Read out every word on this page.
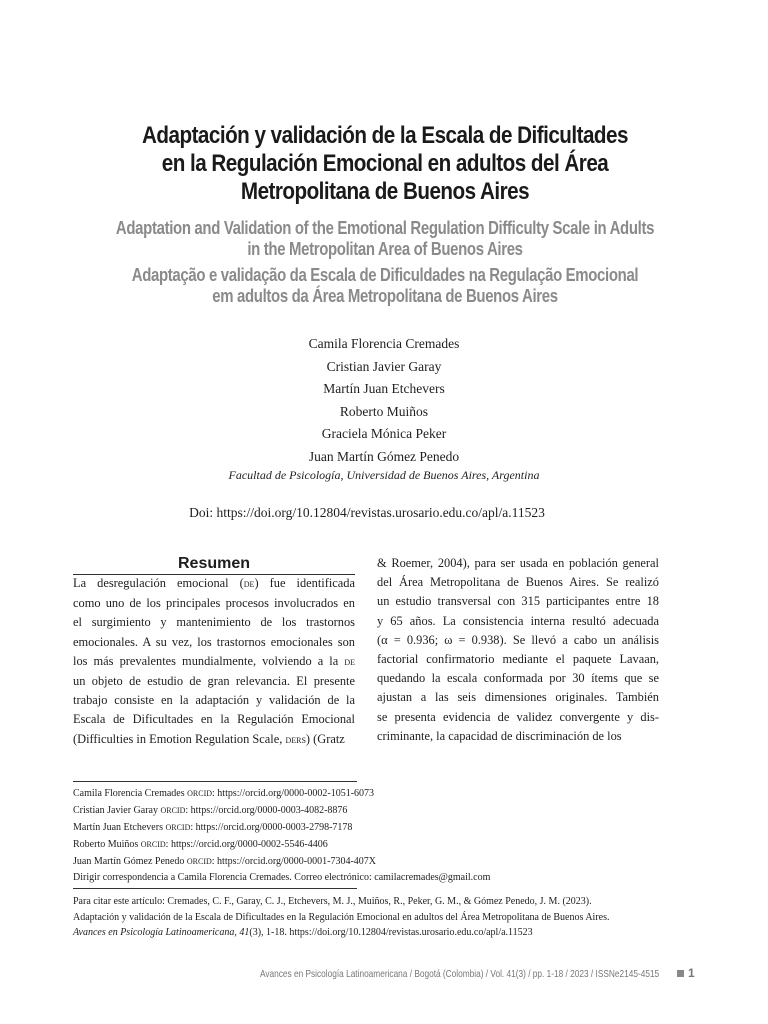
Adaptación y validación de la Escala de Dificultades
en la Regulación Emocional en adultos del Área
Metropolitana de Buenos Aires
Adaptation and Validation of the Emotional Regulation Difficulty Scale in Adults
in the Metropolitan Area of Buenos Aires
Adaptação e validação da Escala de Dificuldades na Regulação Emocional
em adultos da Área Metropolitana de Buenos Aires
Camila Florencia Cremades
Cristian Javier Garay
Martín Juan Etchevers
Roberto Muiños
Graciela Mónica Peker
Juan Martín Gómez Penedo
Facultad de Psicología, Universidad de Buenos Aires, Argentina
Doi: https://doi.org/10.12804/revistas.urosario.edu.co/apl/a.11523
Resumen
La desregulación emocional (de) fue identificada
como uno de los principales procesos involucrados en
el surgimiento y mantenimiento de los trastornos
emocionales. A su vez, los trastornos emocionales son
los más prevalentes mundialmente, volviendo a la de
un objeto de estudio de gran relevancia. El presente
trabajo consiste en la adaptación y validación de la
Escala de Dificultades en la Regulación Emocional
(Difficulties in Emotion Regulation Scale, ders) (Gratz
& Roemer, 2004), para ser usada en población general
del Área Metropolitana de Buenos Aires. Se realizó
un estudio transversal con 315 participantes entre 18
y 65 años. La consistencia interna resultó adecuada
(α = 0.936; ω = 0.938). Se llevó a cabo un análisis
factorial confirmatorio mediante el paquete Lavaan,
quedando la escala conformada por 30 ítems que se
ajustan a las seis dimensiones originales. También
se presenta evidencia de validez convergente y dis-
criminante, la capacidad de discriminación de los
Camila Florencia Cremades orcid: https://orcid.org/0000-0002-1051-6073
Cristian Javier Garay orcid: https://orcid.org/0000-0003-4082-8876
Martín Juan Etchevers orcid: https://orcid.org/0000-0003-2798-7178
Roberto Muiños orcid: https://orcid.org/0000-0002-5546-4406
Juan Martín Gómez Penedo orcid: https://orcid.org/0000-0001-7304-407X
Dirigir correspondencia a Camila Florencia Cremades. Correo electrónico: camilacremades@gmail.com
Para citar este artículo: Cremades, C. F., Garay, C. J., Etchevers, M. J., Muiños, R., Peker, G. M., & Gómez Penedo, J. M. (2023).
Adaptación y validación de la Escala de Dificultades en la Regulación Emocional en adultos del Área Metropolitana de Buenos Aires.
Avances en Psicología Latinoamericana, 41(3), 1-18. https://doi.org/10.12804/revistas.urosario.edu.co/apl/a.11523
Avances en Psicología Latinoamericana / Bogotá (Colombia) / Vol. 41(3) / pp. 1-18 / 2023 / ISSNe2145-4515 1
